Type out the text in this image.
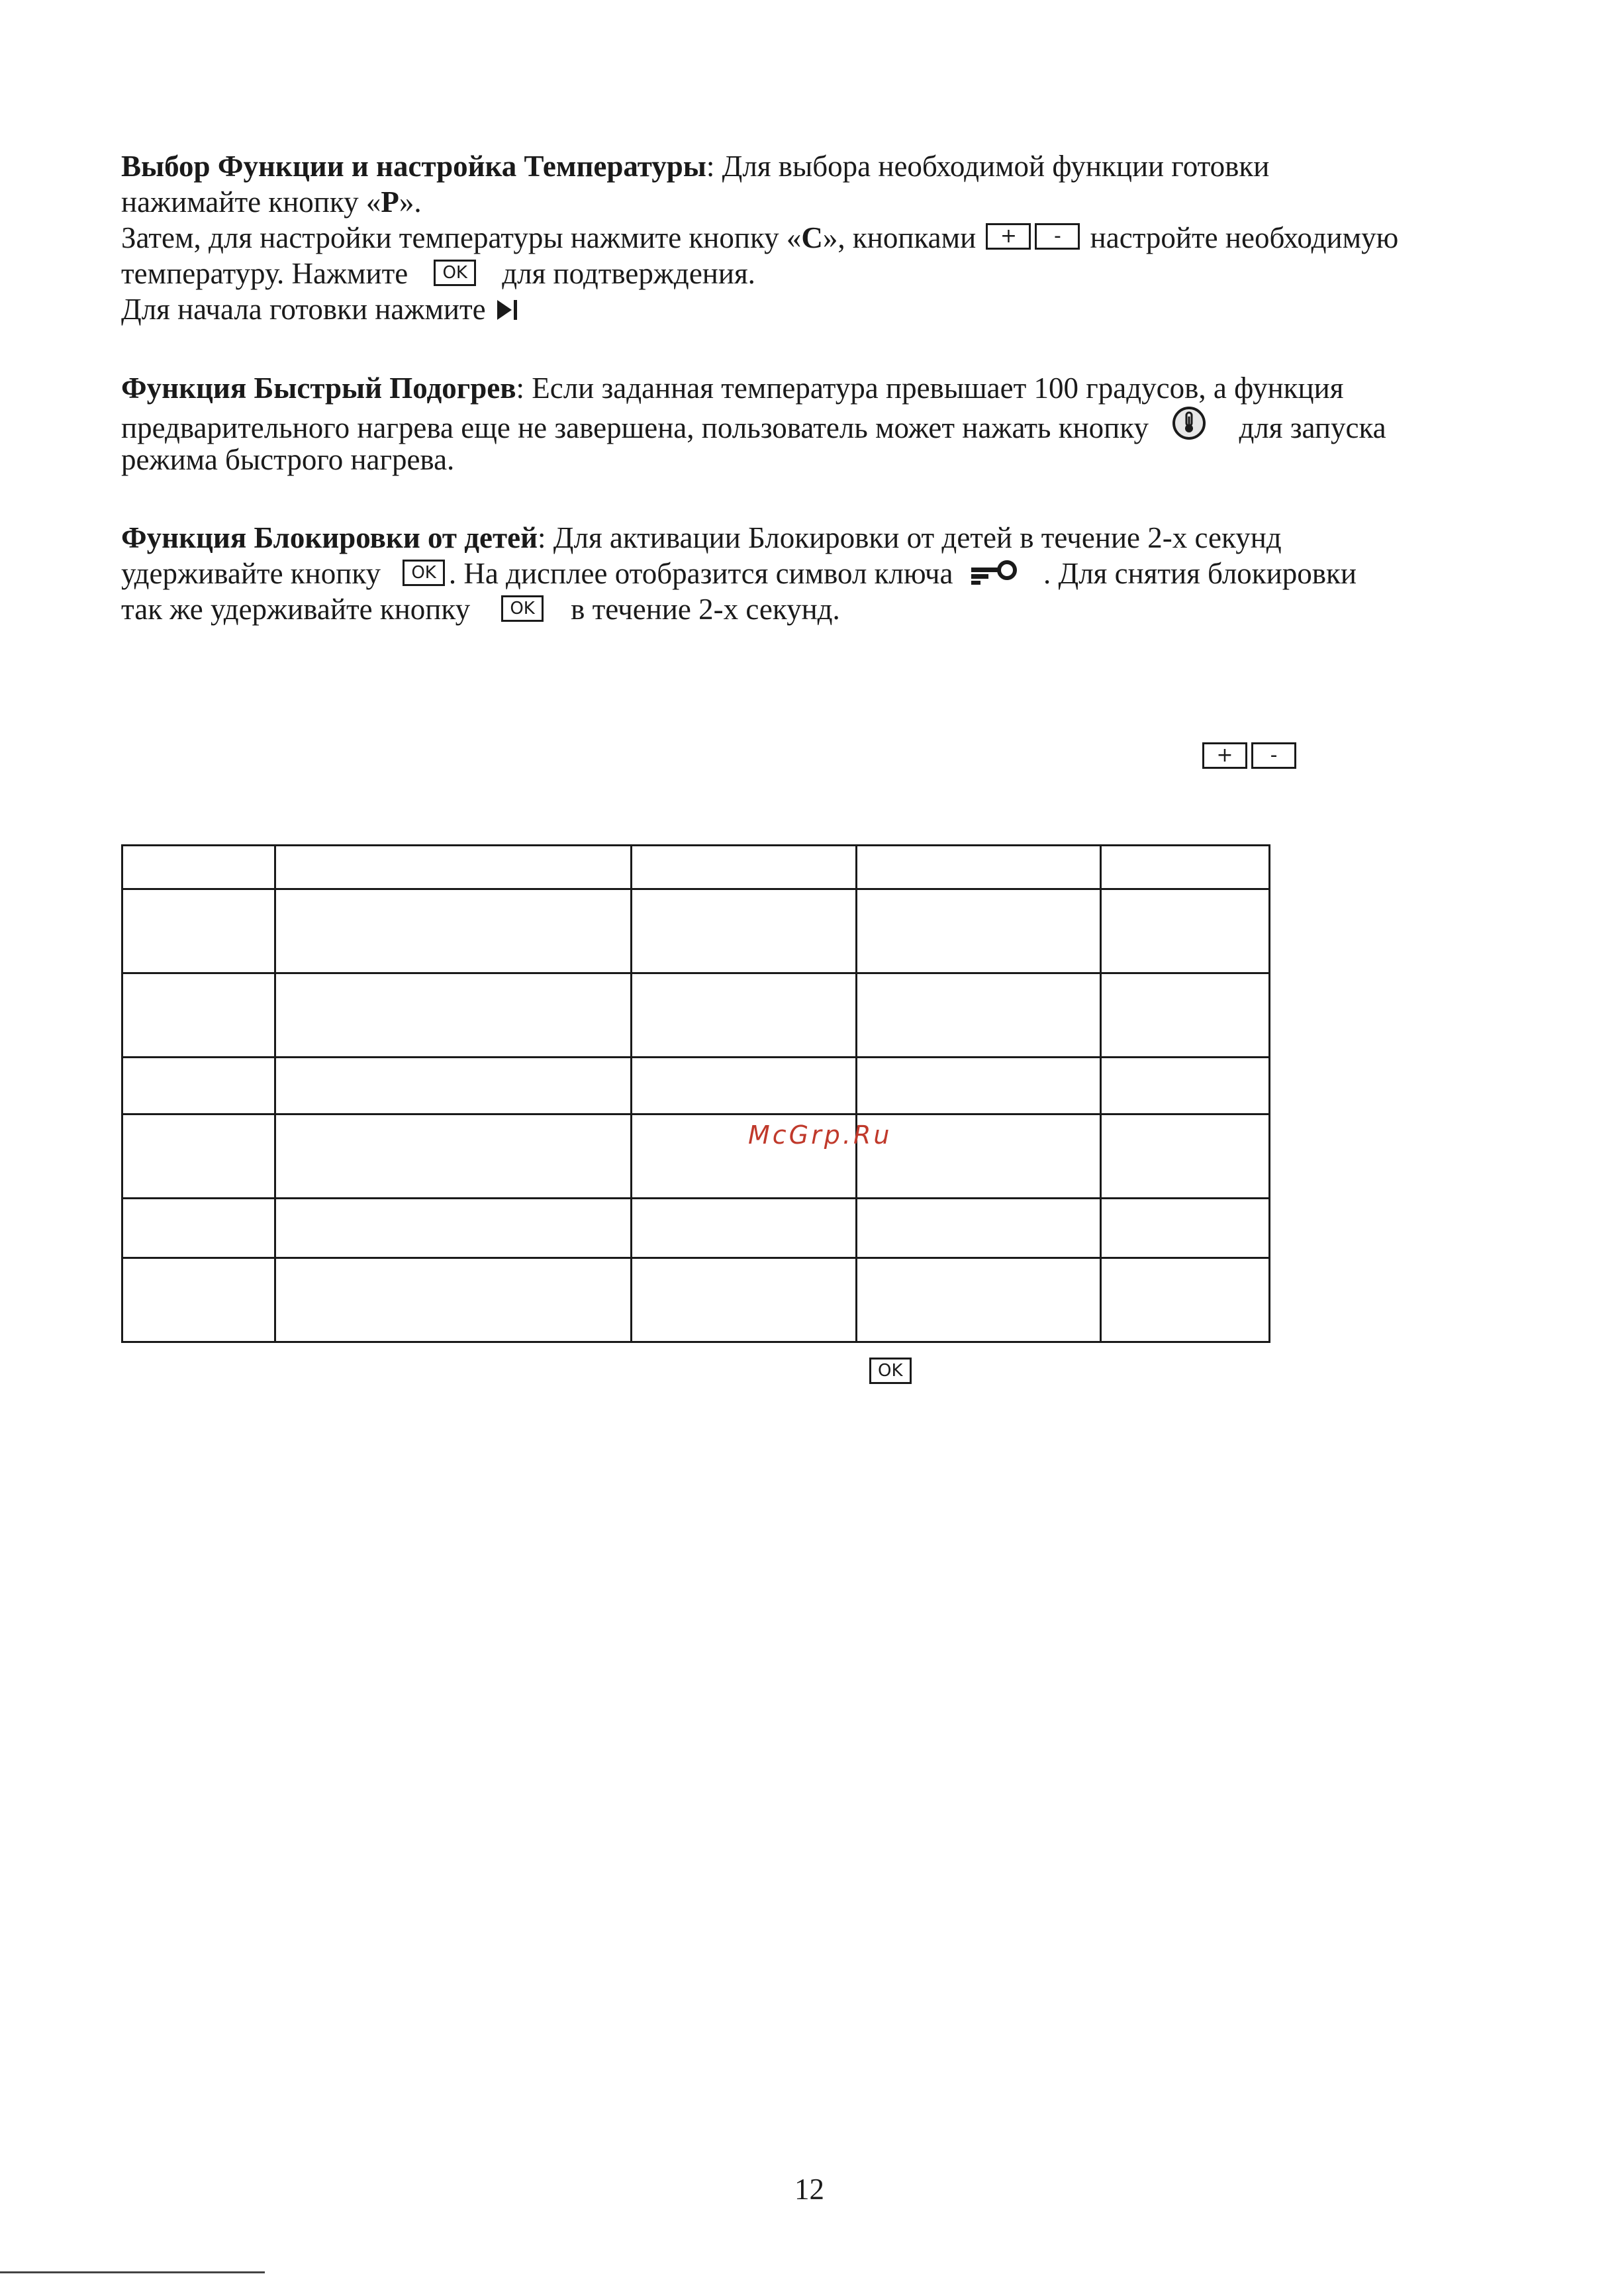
Выбор Функции и настройка Температуры: Для выбора необходимой функции готовки
нажимайте кнопку «P».
Затем, для настройки температуры нажмите кнопку «C», кнопками	+	- настройте необходимую
температуру. Нажмите OK для подтверждения.
Для начала готовки нажмите
Функция Быстрый Подогрев: Если заданная температура превышает 100 градусов, а функция
предварительного нагрева еще не завершена, пользователь может нажать кнопку	для запуска
режима быстрого нагрева.
Функция Блокировки от детей: Для активации Блокировки от детей в течение 2-х секунд
удерживайте кнопку OK . На дисплее отобразится символ ключа	. Для снятия блокировки
так же удерживайте кнопку OK в течение 2-х секунд.
+	-

McGrp.Ru
OK
12
